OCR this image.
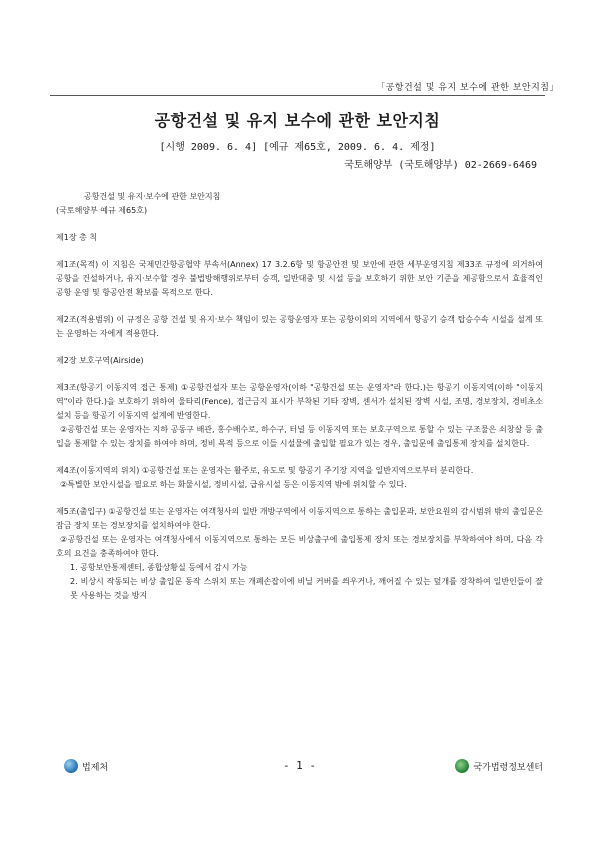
「공항건설 및 유지 보수에 관한 보안지침」
공항건설 및 유지 보수에 관한 보안지침
[시행 2009. 6. 4] [예규 제65호, 2009. 6. 4. 제정]
국토해양부 (국토해양부) 02-2669-6469

공항건설 및 유지·보수에 관한 보안지침

(국토해양부 예규 제65호)

제1장 총 칙

제1조(목적) 이 지침은 국제민간항공협약 부속서(Annex) 17 3.2.6항 및 항공안전 및 보안에 관한 세부운영지침 제33조 규정에 의거하여 공항을 건설하거나, 유지·보수할 경우 불법방해행위로부터 승객, 일반대중 및 시설 등을 보호하기 위한 보안 기준을 제공함으로서 효율적인 공항 운영 및 항공안전 확보를 목적으로 한다.

제2조(적용범위) 이 규정은 공항 건설 및 유지·보수 책임이 있는 공항운영자 또는 공항이외의 지역에서 항공기 승객 탑승수속 시설을 설계 또는 운영하는 자에게 적용한다.

제2장 보호구역(Airside)

제3조(항공기 이동지역 접근 통제) ①공항건설자 또는 공항운영자(이하 "공항건설 또는 운영자"라 한다.)는 항공기 이동지역(이하 "이동지역"이라 한다.)을 보호하기 위하여 울타리(Fence), 접근금지 표시가 부착된 기타 장벽, 센서가 설치된 장벽 시설, 조명, 경보장치, 경비초소 설치 등을 항공기 이동지역 설계에 반영한다.

②공항건설 또는 운영자는 지하 공동구 배관, 홍수배수로, 하수구, 터널 등 이동지역 또는 보호구역으로 통할 수 있는 구조물은 쇠창살 등 출입을 통제할 수 있는 장치를 하여야 하며, 정비 목적 등으로 이들 시설물에 출입할 필요가 있는 경우, 출입문에 출입통제 장치를 설치한다.

제4조(이동지역의 위치) ①공항건설 또는 운영자는 활주로, 유도로 및 항공기 주기장 지역을 일반지역으로부터 분리한다.

②특별한 보안시설을 필요로 하는 화물시설, 정비시설, 급유시설 등은 이동지역 밖에 위치할 수 있다.

제5조(출입구) ①공항건설 또는 운영자는 여객청사의 일반 개방구역에서 이동지역으로 통하는 출입문과, 보안요원의 감시범위 밖의 출입문은 잠금 장치 또는 경보장치를 설치하여야 한다.

②공항건설 또는 운영자는 여객청사에서 이동지역으로 통하는 모든 비상출구에 출입통제 장치 또는 경보장치를 부착하여야 하며, 다음 각 호의 요건을 충족하여야 한다.

1. 공항보안통제센터, 종합상황실 등에서 감시 가능

2. 비상시 작동되는 비상 출입문 동작 스위치 또는 개폐손잡이에 비닐 커버를 씌우거나, 깨어질 수 있는 덮개를 장착하여 일반인들이 잘못 사용하는 것을 방지

법제처	- 1 -	국가법령정보센터
